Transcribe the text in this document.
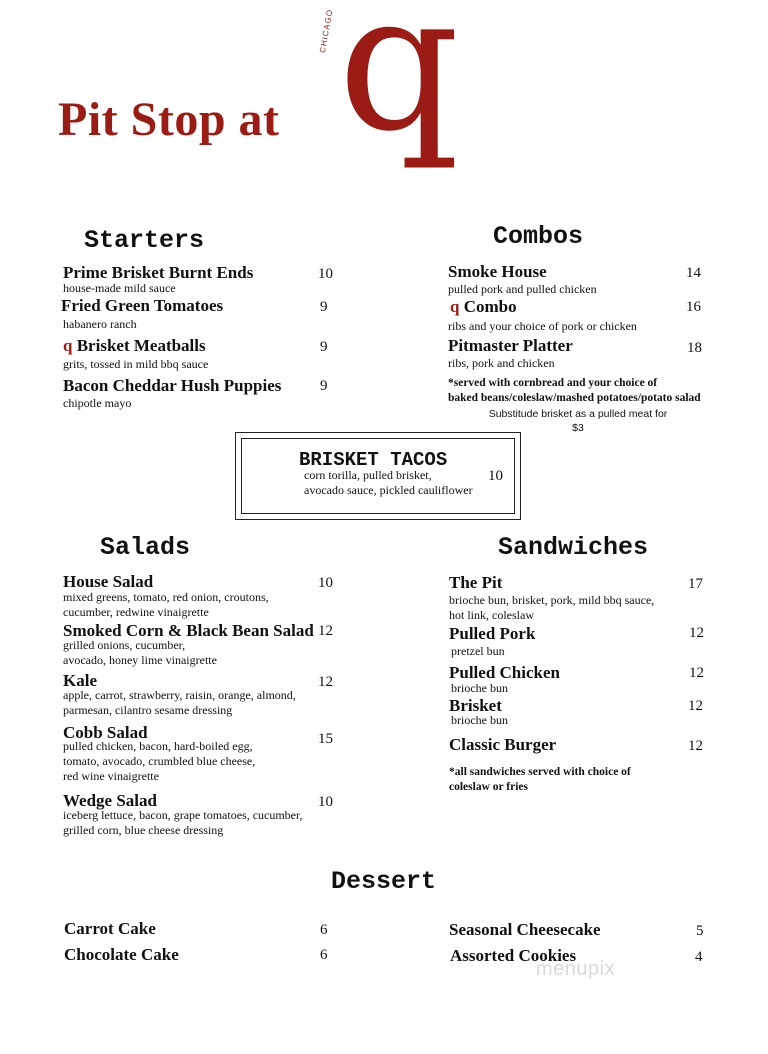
Pit Stop at q
CHICAGO
Starters
Prime Brisket Burnt Ends
house-made mild sauce
10
Fried Green Tomatoes
habanero ranch
9
q Brisket Meatballs
grits, tossed in mild bbq sauce
9
Bacon Cheddar Hush Puppies
chipotle mayo
9
Combos
Smoke House
pulled pork and pulled chicken
14
q Combo
ribs and your choice of pork or chicken
16
Pitmaster Platter
ribs, pork and chicken
18
*served with cornbread and your choice of
baked beans/coleslaw/mashed potatoes/potato salad
Substitude brisket as a pulled meat for
$3
BRISKET TACOS
corn torilla, pulled brisket,
avocado sauce, pickled cauliflower
10
Salads
House Salad
mixed greens, tomato, red onion, croutons,
cucumber, redwine vinaigrette
10
Smoked Corn & Black Bean Salad
grilled onions, cucumber,
avocado, honey lime vinaigrette
12
Kale
apple, carrot, strawberry, raisin, orange, almond,
parmesan, cilantro sesame dressing
12
Cobb Salad
pulled chicken, bacon, hard-boiled egg,
tomato, avocado, crumbled blue cheese,
red wine vinaigrette
15
Wedge Salad
iceberg lettuce, bacon, grape tomatoes, cucumber,
grilled corn, blue cheese dressing
10
Sandwiches
The Pit
brioche bun, brisket, pork, mild bbq sauce,
hot link, coleslaw
17
Pulled Pork
pretzel bun
12
Pulled Chicken
brioche bun
12
Brisket
brioche bun
12
Classic Burger	12
*all sandwiches served with choice of
coleslaw or fries
Dessert
Carrot Cake	6
Chocolate Cake	6
Seasonal Cheesecake	5
Assorted Cookies	4
menupix
